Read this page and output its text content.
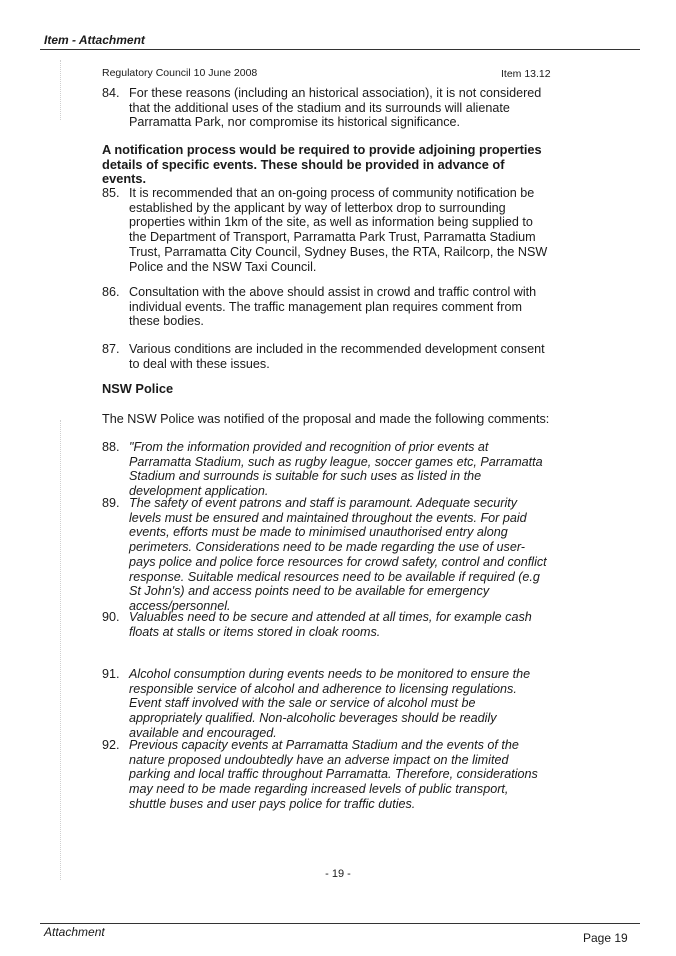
Item - Attachment
Regulatory Council 10 June 2008	Item 13.12
84. For these reasons (including an historical association), it is not considered that the additional uses of the stadium and its surrounds will alienate Parramatta Park, nor compromise its historical significance.
A notification process would be required to provide adjoining properties details of specific events. These should be provided in advance of events.
85. It is recommended that an on-going process of community notification be established by the applicant by way of letterbox drop to surrounding properties within 1km of the site, as well as information being supplied to the Department of Transport, Parramatta Park Trust, Parramatta Stadium Trust, Parramatta City Council, Sydney Buses, the RTA, Railcorp, the NSW Police and the NSW Taxi Council.
86. Consultation with the above should assist in crowd and traffic control with individual events. The traffic management plan requires comment from these bodies.
87. Various conditions are included in the recommended development consent to deal with these issues.
NSW Police
The NSW Police was notified of the proposal and made the following comments:
88. "From the information provided and recognition of prior events at Parramatta Stadium, such as rugby league, soccer games etc, Parramatta Stadium and surrounds is suitable for such uses as listed in the development application.
89. The safety of event patrons and staff is paramount. Adequate security levels must be ensured and maintained throughout the events. For paid events, efforts must be made to minimised unauthorised entry along perimeters. Considerations need to be made regarding the use of user-pays police and police force resources for crowd safety, control and conflict response. Suitable medical resources need to be available if required (e.g St John's) and access points need to be available for emergency access/personnel.
90. Valuables need to be secure and attended at all times, for example cash floats at stalls or items stored in cloak rooms.
91. Alcohol consumption during events needs to be monitored to ensure the responsible service of alcohol and adherence to licensing regulations. Event staff involved with the sale or service of alcohol must be appropriately qualified. Non-alcoholic beverages should be readily available and encouraged.
92. Previous capacity events at Parramatta Stadium and the events of the nature proposed undoubtedly have an adverse impact on the limited parking and local traffic throughout Parramatta. Therefore, considerations may need to be made regarding increased levels of public transport, shuttle buses and user pays police for traffic duties.
- 19 -
Attachment	Page 19
